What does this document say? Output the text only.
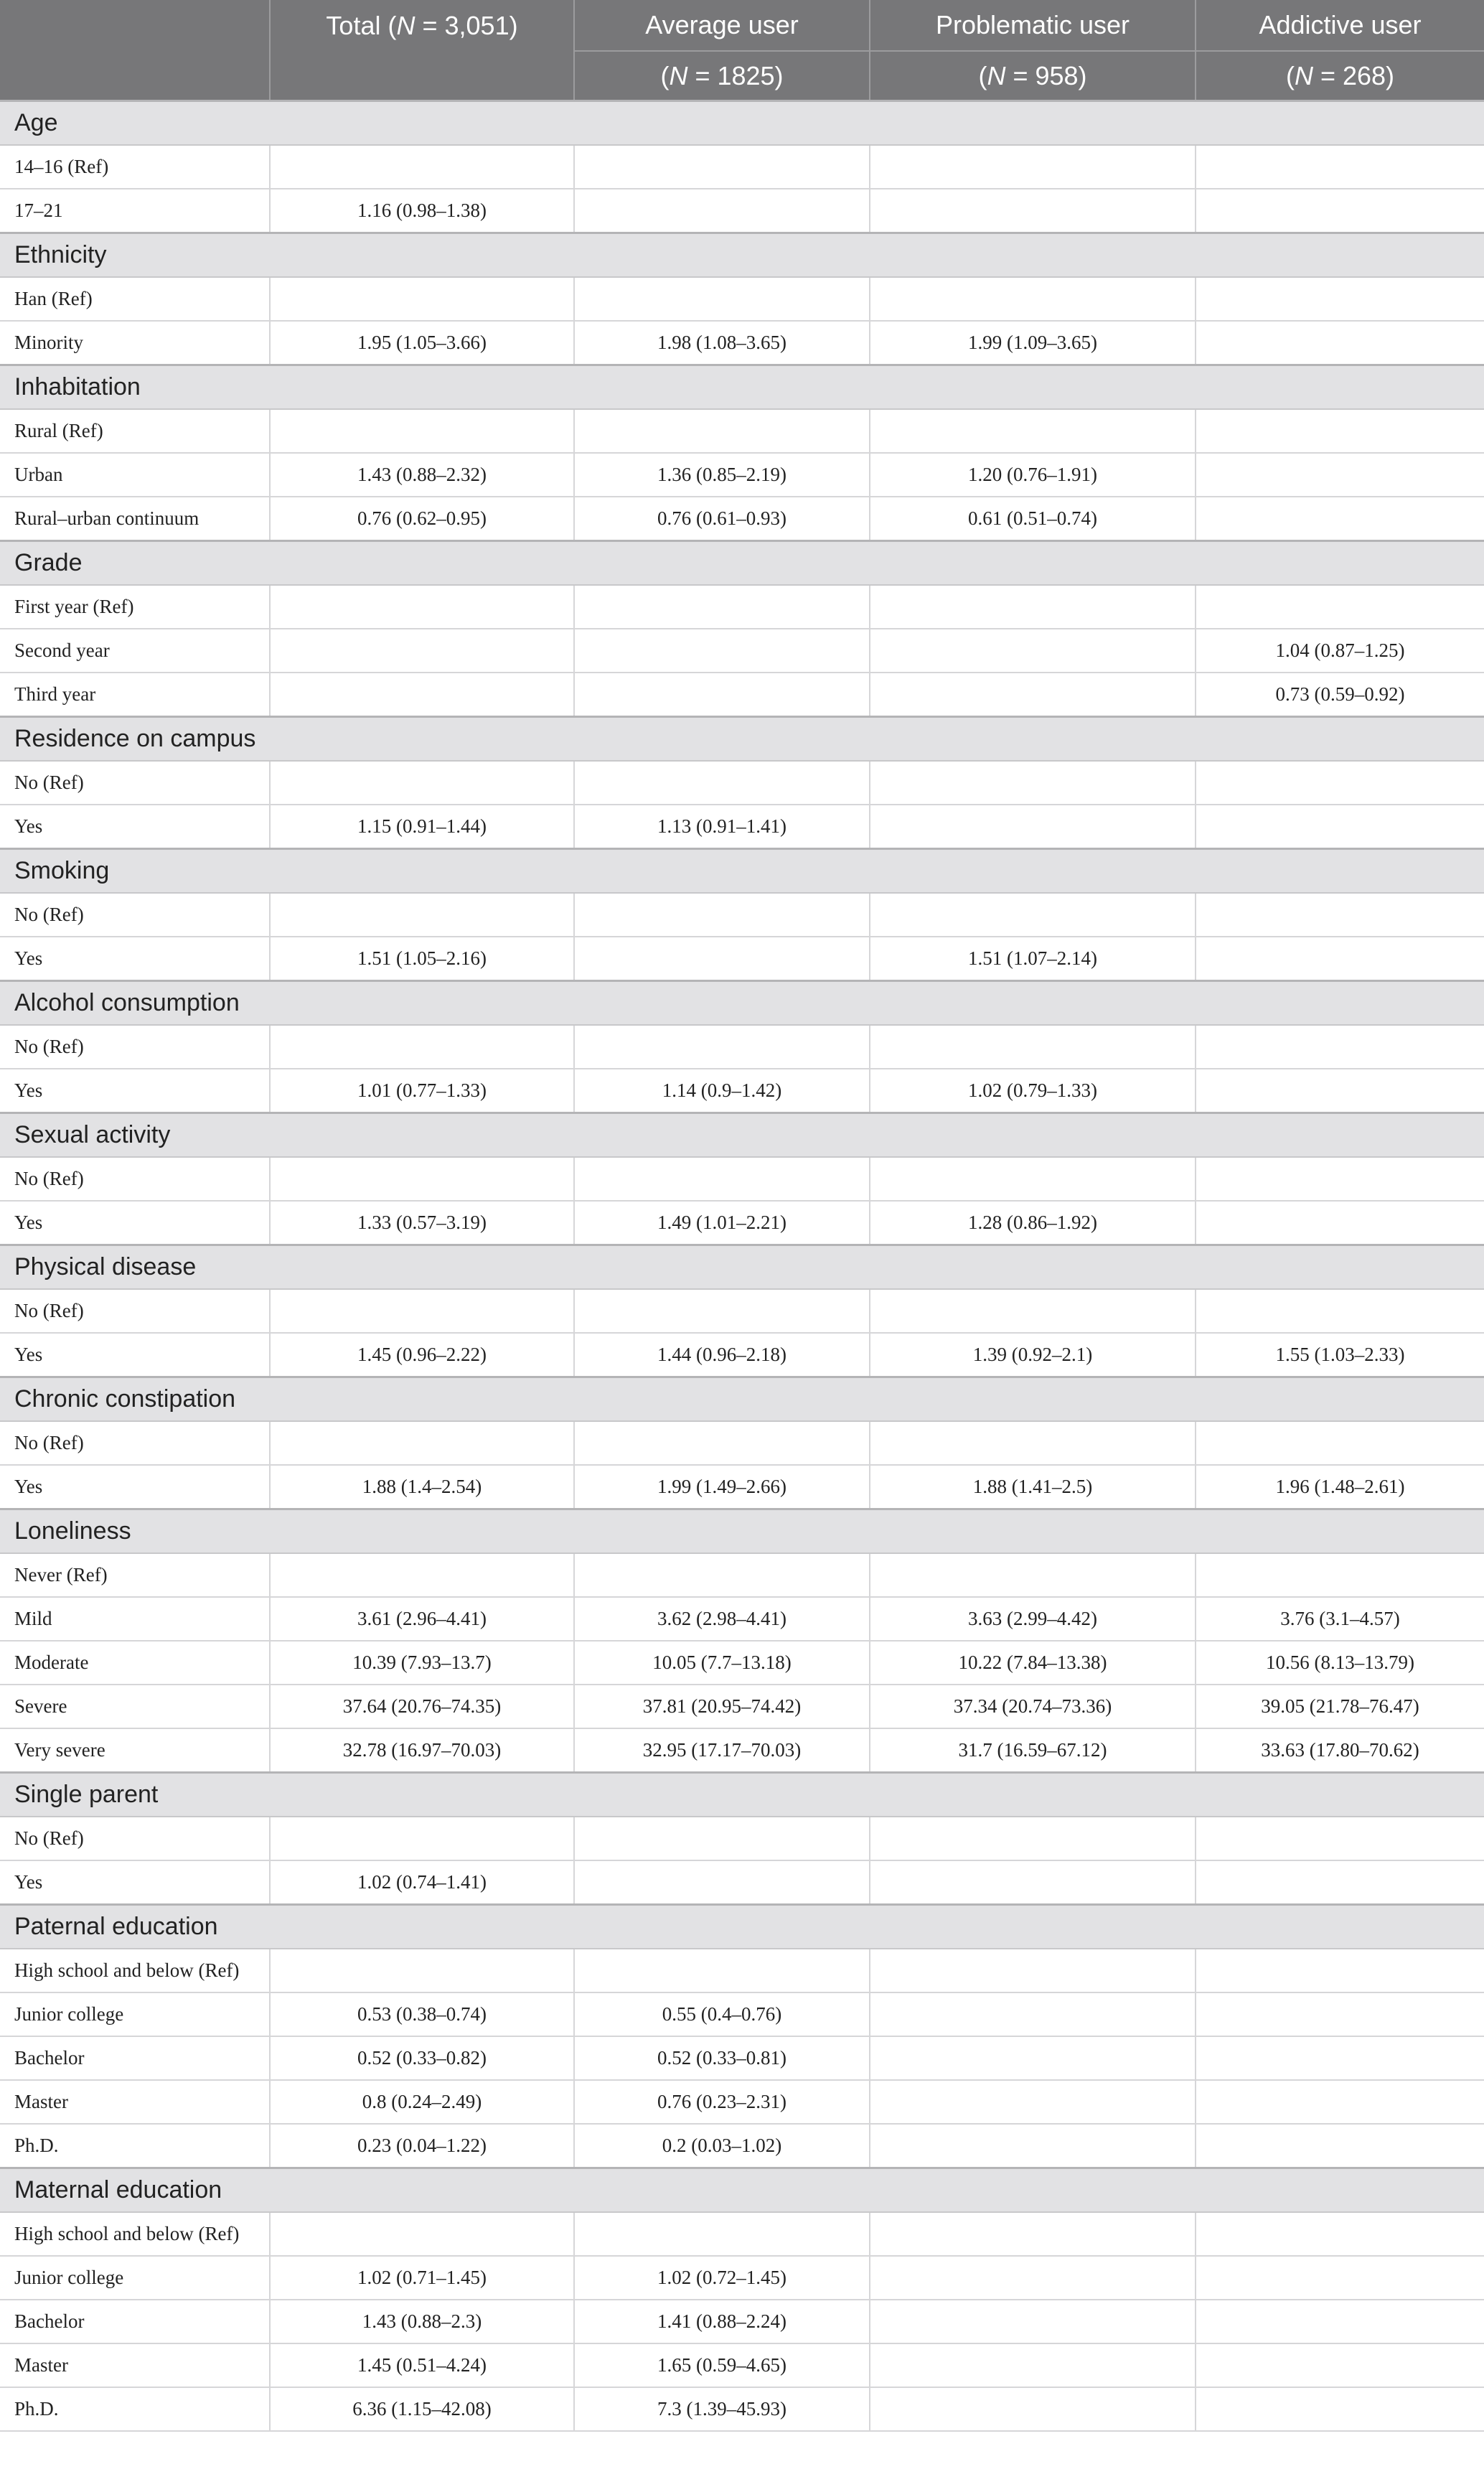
	Total (N = 3,051)	Average user	Problematic user	Addictive user
		(N = 1825)	(N = 958)	(N = 268)
Age				
14–16 (Ref)				
17–21	1.16 (0.98–1.38)			
Ethnicity				
Han (Ref)				
Minority	1.95 (1.05–3.66)	1.98 (1.08–3.65)	1.99 (1.09–3.65)	
Inhabitation				
Rural (Ref)				
Urban	1.43 (0.88–2.32)	1.36 (0.85–2.19)	1.20 (0.76–1.91)	
Rural–urban continuum	0.76 (0.62–0.95)	0.76 (0.61–0.93)	0.61 (0.51–0.74)	
Grade				
First year (Ref)				
Second year				1.04 (0.87–1.25)
Third year				0.73 (0.59–0.92)
Residence on campus				
No (Ref)				
Yes	1.15 (0.91–1.44)	1.13 (0.91–1.41)		
Smoking				
No (Ref)				
Yes	1.51 (1.05–2.16)		1.51 (1.07–2.14)	
Alcohol consumption				
No (Ref)				
Yes	1.01 (0.77–1.33)	1.14 (0.9–1.42)	1.02 (0.79–1.33)	
Sexual activity				
No (Ref)				
Yes	1.33 (0.57–3.19)	1.49 (1.01–2.21)	1.28 (0.86–1.92)	
Physical disease				
No (Ref)				
Yes	1.45 (0.96–2.22)	1.44 (0.96–2.18)	1.39 (0.92–2.1)	1.55 (1.03–2.33)
Chronic constipation				
No (Ref)				
Yes	1.88 (1.4–2.54)	1.99 (1.49–2.66)	1.88 (1.41–2.5)	1.96 (1.48–2.61)
Loneliness				
Never (Ref)				
Mild	3.61 (2.96–4.41)	3.62 (2.98–4.41)	3.63 (2.99–4.42)	3.76 (3.1–4.57)
Moderate	10.39 (7.93–13.7)	10.05 (7.7–13.18)	10.22 (7.84–13.38)	10.56 (8.13–13.79)
Severe	37.64 (20.76–74.35)	37.81 (20.95–74.42)	37.34 (20.74–73.36)	39.05 (21.78–76.47)
Very severe	32.78 (16.97–70.03)	32.95 (17.17–70.03)	31.7 (16.59–67.12)	33.63 (17.80–70.62)
Single parent				
No (Ref)				
Yes	1.02 (0.74–1.41)			
Paternal education				
High school and below (Ref)				
Junior college	0.53 (0.38–0.74)	0.55 (0.4–0.76)		
Bachelor	0.52 (0.33–0.82)	0.52 (0.33–0.81)		
Master	0.8 (0.24–2.49)	0.76 (0.23–2.31)		
Ph.D.	0.23 (0.04–1.22)	0.2 (0.03–1.02)		
Maternal education				
High school and below (Ref)				
Junior college	1.02 (0.71–1.45)	1.02 (0.72–1.45)		
Bachelor	1.43 (0.88–2.3)	1.41 (0.88–2.24)		
Master	1.45 (0.51–4.24)	1.65 (0.59–4.65)		
Ph.D.	6.36 (1.15–42.08)	7.3 (1.39–45.93)		
